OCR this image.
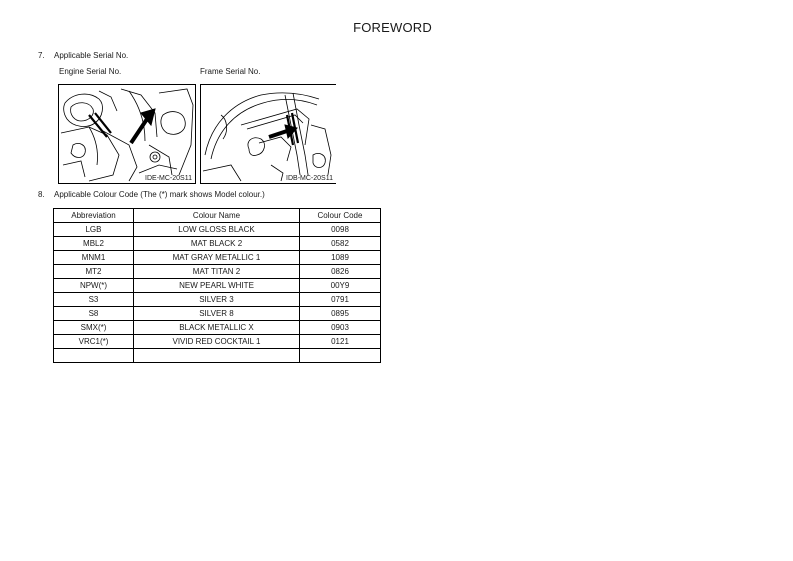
FOREWORD
7. Applicable Serial No.
Engine Serial No.	Frame Serial No.
IDE-MC-20S11	IDB-MC-20S11
8. Applicable Colour Code (The (*) mark shows Model colour.)
Abbreviation	Colour Name	Colour Code
LGB	LOW GLOSS BLACK	0098
MBL2	MAT BLACK 2	0582
MNM1	MAT GRAY METALLIC 1	1089
MT2	MAT TITAN 2	0826
NPW(*)	NEW PEARL WHITE	00Y9
S3	SILVER 3	0791
S8	SILVER 8	0895
SMX(*)	BLACK METALLIC X	0903
VRC1(*)	VIVID RED COCKTAIL 1	0121
